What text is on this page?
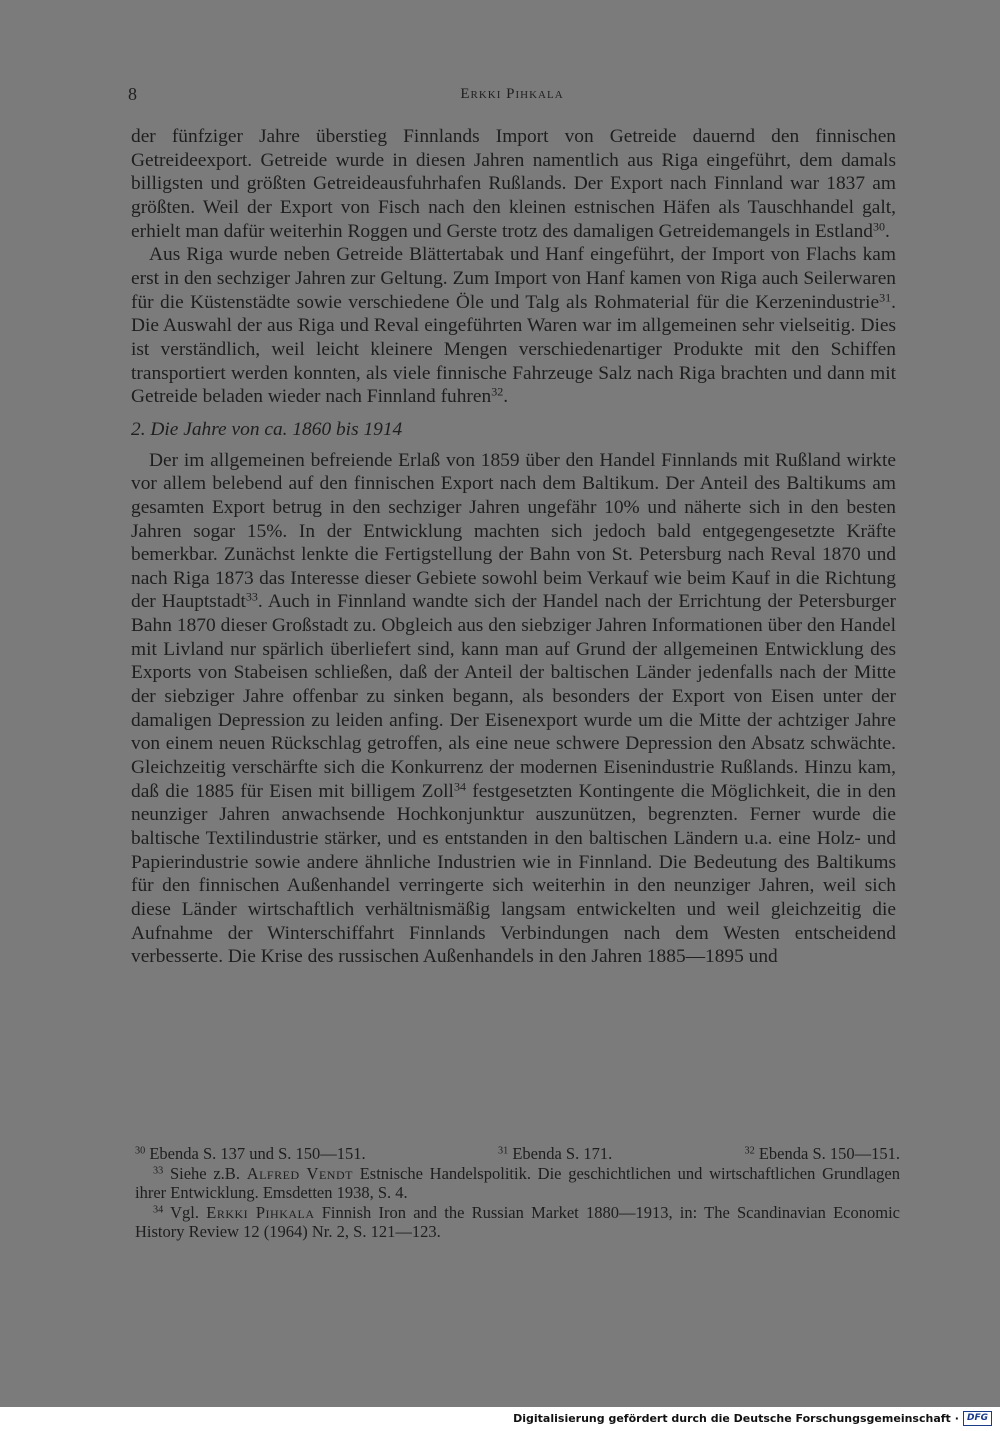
8	Erkki Pihkala

der fünfziger Jahre überstieg Finnlands Import von Getreide dauernd den finnischen Getreideexport. Getreide wurde in diesen Jahren namentlich aus Riga eingeführt, dem damals billigsten und größten Getreideausfuhrhafen Rußlands. Der Export nach Finnland war 1837 am größten. Weil der Export von Fisch nach den kleinen estnischen Häfen als Tauschhandel galt, erhielt man dafür weiterhin Roggen und Gerste trotz des damaligen Getreidemangels in Estland$^{30}$.

Aus Riga wurde neben Getreide Blättertabak und Hanf eingeführt, der Import von Flachs kam erst in den sechziger Jahren zur Geltung. Zum Import von Hanf kamen von Riga auch Seilerwaren für die Küstenstädte sowie verschiedene Öle und Talg als Rohmaterial für die Kerzenindustrie$^{31}$. Die Auswahl der aus Riga und Reval eingeführten Waren war im allgemeinen sehr vielseitig. Dies ist verständlich, weil leicht kleinere Mengen verschiedenartiger Produkte mit den Schiffen transportiert werden konnten, als viele finnische Fahrzeuge Salz nach Riga brachten und dann mit Getreide beladen wieder nach Finnland fuhren$^{32}$.

2. Die Jahre von ca. 1860 bis 1914

Der im allgemeinen befreiende Erlaß von 1859 über den Handel Finnlands mit Rußland wirkte vor allem belebend auf den finnischen Export nach dem Baltikum. Der Anteil des Baltikums am gesamten Export betrug in den sechziger Jahren ungefähr 10% und näherte sich in den besten Jahren sogar 15%. In der Entwicklung machten sich jedoch bald entgegengesetzte Kräfte bemerkbar. Zunächst lenkte die Fertigstellung der Bahn von St. Petersburg nach Reval 1870 und nach Riga 1873 das Interesse dieser Gebiete sowohl beim Verkauf wie beim Kauf in die Richtung der Hauptstadt$^{33}$. Auch in Finnland wandte sich der Handel nach der Errichtung der Petersburger Bahn 1870 dieser Großstadt zu. Obgleich aus den siebziger Jahren Informationen über den Handel mit Livland nur spärlich überliefert sind, kann man auf Grund der allgemeinen Entwicklung des Exports von Stabeisen schließen, daß der Anteil der baltischen Länder jedenfalls nach der Mitte der siebziger Jahre offenbar zu sinken begann, als besonders der Export von Eisen unter der damaligen Depression zu leiden anfing. Der Eisenexport wurde um die Mitte der achtziger Jahre von einem neuen Rückschlag getroffen, als eine neue schwere Depression den Absatz schwächte. Gleichzeitig verschärfte sich die Konkurrenz der modernen Eisenindustrie Rußlands. Hinzu kam, daß die 1885 für Eisen mit billigem Zoll$^{34}$ festgesetzten Kontingente die Möglichkeit, die in den neunziger Jahren anwachsende Hochkonjunktur auszunützen, begrenzten. Ferner wurde die baltische Textilindustrie stärker, und es entstanden in den baltischen Ländern u.a. eine Holz- und Papierindustrie sowie andere ähnliche Industrien wie in Finnland. Die Bedeutung des Baltikums für den finnischen Außenhandel verringerte sich weiterhin in den neunziger Jahren, weil sich diese Länder wirtschaftlich verhältnismäßig langsam entwickelten und weil gleichzeitig die Aufnahme der Winterschiffahrt Finnlands Verbindungen nach dem Westen entscheidend verbesserte. Die Krise des russischen Außenhandels in den Jahren 1885—1895 und

$^{30}$ Ebenda S. 137 und S. 150—151.	$^{31}$ Ebenda S. 171.	$^{32}$ Ebenda S. 150—151.
$^{33}$ Siehe z.B. Alfred Vendt Estnische Handelspolitik. Die geschichtlichen und wirtschaftlichen Grundlagen ihrer Entwicklung. Emsdetten 1938, S. 4.
$^{34}$ Vgl. Erkki Pihkala Finnish Iron and the Russian Market 1880—1913, in: The Scandinavian Economic History Review 12 (1964) Nr. 2, S. 121—123.
Digitalisierung gefördert durch die Deutsche Forschungsgemeinschaft · DFG
